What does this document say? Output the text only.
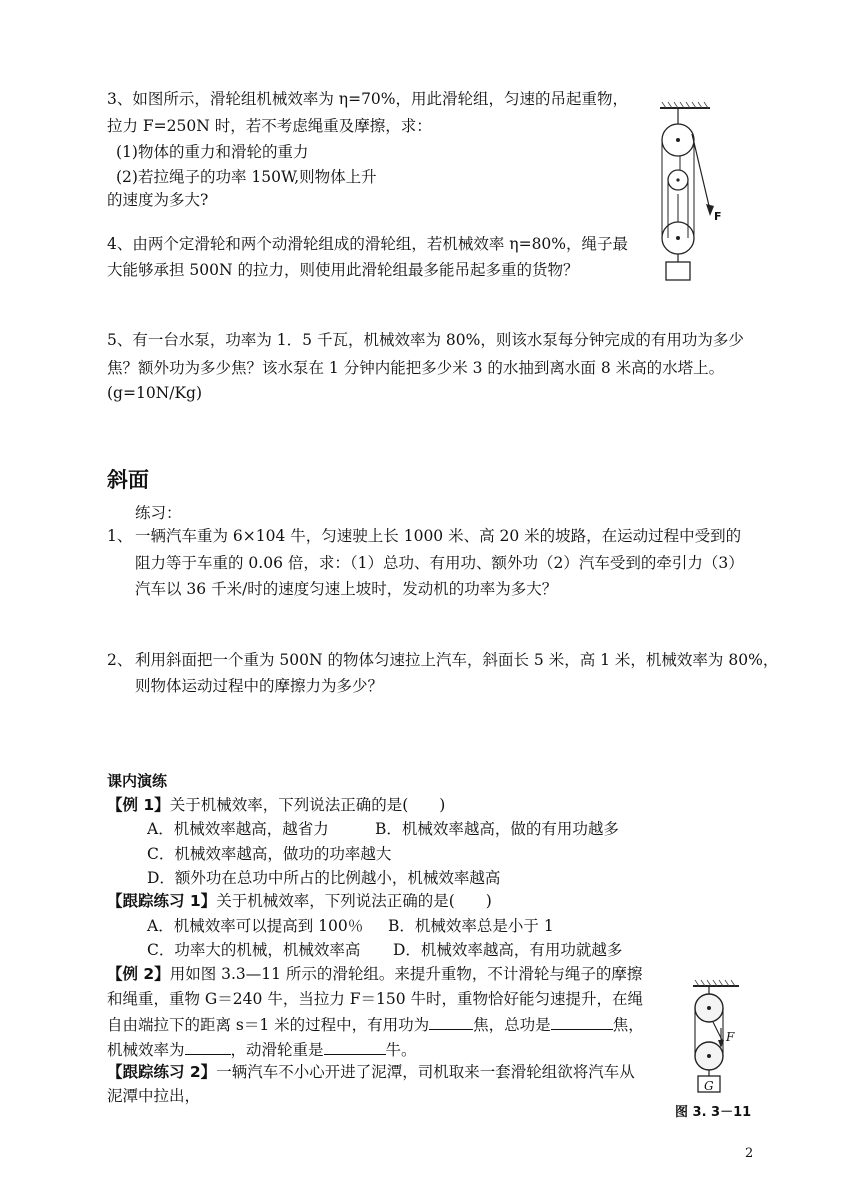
3、如图所示，滑轮组机械效率为 η=70%，用此滑轮组，匀速的吊起重物，
拉力 F=250N 时，若不考虑绳重及摩擦，求：
(1)物体的重力和滑轮的重力
(2)若拉绳子的功率 150W,则物体上升
的速度为多大?
4、由两个定滑轮和两个动滑轮组成的滑轮组，若机械效率 η=80%，绳子最
大能够承担 500N 的拉力，则使用此滑轮组最多能吊起多重的货物？
5、有一台水泵，功率为 1．5 千瓦，机械效率为 80%，则该水泵每分钟完成的有用功为多少
焦？额外功为多少焦？该水泵在 1 分钟内能把多少米 3 的水抽到离水面 8 米高的水塔上。
(g=10N/Kg)
F
斜面
练习：
1、 一辆汽车重为 6×104 牛，匀速驶上长 1000 米、高 20 米的坡路，在运动过程中受到的
阻力等于车重的 0.06 倍，求：（1）总功、有用功、额外功（2）汽车受到的牵引力（3）
汽车以 36 千米/时的速度匀速上坡时，发动机的功率为多大？
2、 利用斜面把一个重为 500N 的物体匀速拉上汽车，斜面长 5 米，高 1 米，机械效率为 80%，
则物体运动过程中的摩擦力为多少？
课内演练
【例 1】关于机械效率，下列说法正确的是(　　)
A．机械效率越高，越省力	B．机械效率越高，做的有用功越多
C．机械效率越高，做功的功率越大
D．额外功在总功中所占的比例越小，机械效率越高
【跟踪练习 1】关于机械效率，下列说法正确的是(　　)
A．机械效率可以提高到 100％ B．机械效率总是小于 1
C．功率大的机械，机械效率高 D．机械效率越高，有用功就越多
【例 2】用如图 3.3—11 所示的滑轮组。来提升重物，不计滑轮与绳子的摩擦
和绳重，重物 G＝240 牛，当拉力 F＝150 牛时，重物恰好能匀速提升，在绳
自由端拉下的距离 s＝1 米的过程中，有用功为	焦，总功是	焦，
机械效率为	，动滑轮重是	牛。
【跟踪练习 2】一辆汽车不小心开进了泥潭，司机取来一套滑轮组欲将汽车从
泥潭中拉出，
F
G
图 3. 3－11
2
